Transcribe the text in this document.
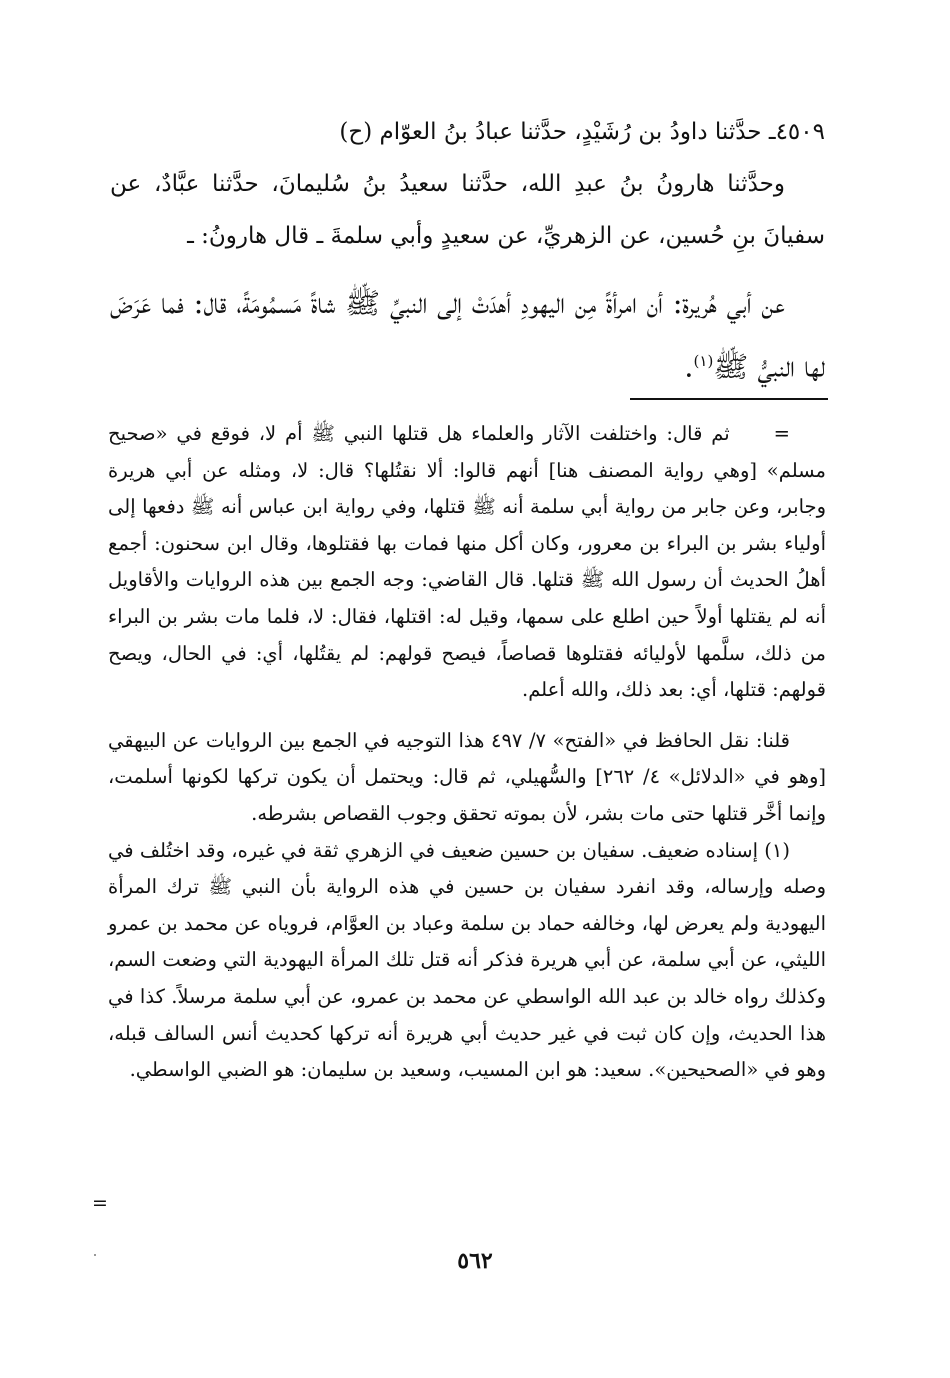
٤٥٠٩ـ حدَّثنا داودُ بن رُشَيْدٍ، حدَّثنا عبادُ بنُ العوّام (ح)

وحدَّثنا هارونُ بنُ عبدِ الله، حدَّثنا سعيدُ بنُ سُليمانَ، حدَّثنا عبَّادٌ، عن سفيانَ بنِ حُسين، عن الزهريِّ، عن سعيدٍ وأبي سلمةَ ـ قال هارونُ: ـ

عن أبي هُريرة: أن امرأةً مِن اليهودِ أهدَتْ إلى النبيِّ ﷺ شاةً مَسمُومَةً، قال: فما عَرَضَ لها النبيُّ ﷺ$^{(١)}$.

=
ثم قال: واختلفت الآثار والعلماء هل قتلها النبي ﷺ أم لا، فوقع في «صحيح مسلم» [وهي رواية المصنف هنا] أنهم قالوا: ألا نقتُلها؟ قال: لا، ومثله عن أبي هريرة وجابر، وعن جابر من رواية أبي سلمة أنه ﷺ قتلها، وفي رواية ابن عباس أنه ﷺ دفعها إلى أولياء بشر بن البراء بن معرور، وكان أكل منها فمات بها فقتلوها، وقال ابن سحنون: أجمع أهلُ الحديث أن رسول الله ﷺ قتلها. قال القاضي: وجه الجمع بين هذه الروايات والأقاويل أنه لم يقتلها أولاً حين اطلع على سمها، وقيل له: اقتلها، فقال: لا، فلما مات بشر بن البراء من ذلك، سلَّمها لأوليائه فقتلوها قصاصاً، فيصح قولهم: لم يقتُلها، أي: في الحال، ويصح قولهم: قتلها، أي: بعد ذلك، والله أعلم.

قلنا: نقل الحافظ في «الفتح» ٧/ ٤٩٧ هذا التوجيه في الجمع بين الروايات عن البيهقي [وهو في «الدلائل» ٤/ ٢٦٢] والسُّهيلي، ثم قال: ويحتمل أن يكون تركها لكونها أسلمت، وإنما أخَّر قتلها حتى مات بشر، لأن بموته تحقق وجوب القصاص بشرطه.

(١) إسناده ضعيف. سفيان بن حسين ضعيف في الزهري ثقة في غيره، وقد اختُلف في وصله وإرساله، وقد انفرد سفيان بن حسين في هذه الرواية بأن النبي ﷺ ترك المرأة اليهودية ولم يعرض لها، وخالفه حماد بن سلمة وعباد بن العوَّام، فروياه عن محمد بن عمرو الليثي، عن أبي سلمة، عن أبي هريرة فذكر أنه قتل تلك المرأة اليهودية التي وضعت السم، وكذلك رواه خالد بن عبد الله الواسطي عن محمد بن عمرو، عن أبي سلمة مرسلاً. كذا في هذا الحديث، وإن كان ثبت في غير حديث أبي هريرة أنه تركها كحديث أنس السالف قبله، وهو في «الصحيحين». سعيد: هو ابن المسيب، وسعيد بن سليمان: هو الضبي الواسطي.

=
٥٦٢
